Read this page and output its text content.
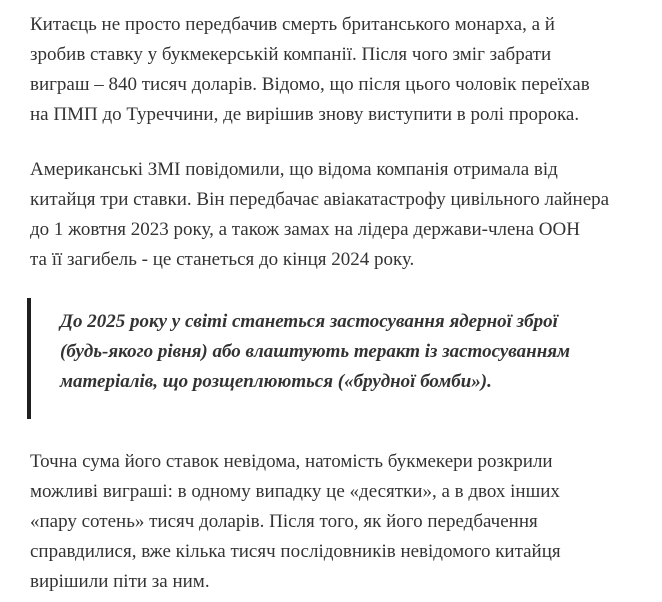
Китаєць не просто передбачив смерть британського монарха, а й
зробив ставку у букмекерській компанії. Після чого зміг забрати
виграш – 840 тисяч доларів. Відомо, що після цього чоловік переїхав
на ПМП до Туреччини, де вирішив знову виступити в ролі пророка.

Американські ЗМІ повідомили, що відома компанія отримала від
китайця три ставки. Він передбачає авіакатастрофу цивільного лайнера
до 1 жовтня 2023 року, а також замах на лідера держави-члена ООН
та її загибель - це станеться до кінця 2024 року.

До 2025 року у світі станеться застосування ядерної зброї
(будь-якого рівня) або влаштують теракт із застосуванням
матеріалів, що розщеплюються («брудної бомби»).

Точна сума його ставок невідома, натомість букмекери розкрили
можливі виграші: в одному випадку це «десятки», а в двох інших
«пару сотень» тисяч доларів. Після того, як його передбачення
справдилися, вже кілька тисяч послідовників невідомого китайця
вирішили піти за ним.
